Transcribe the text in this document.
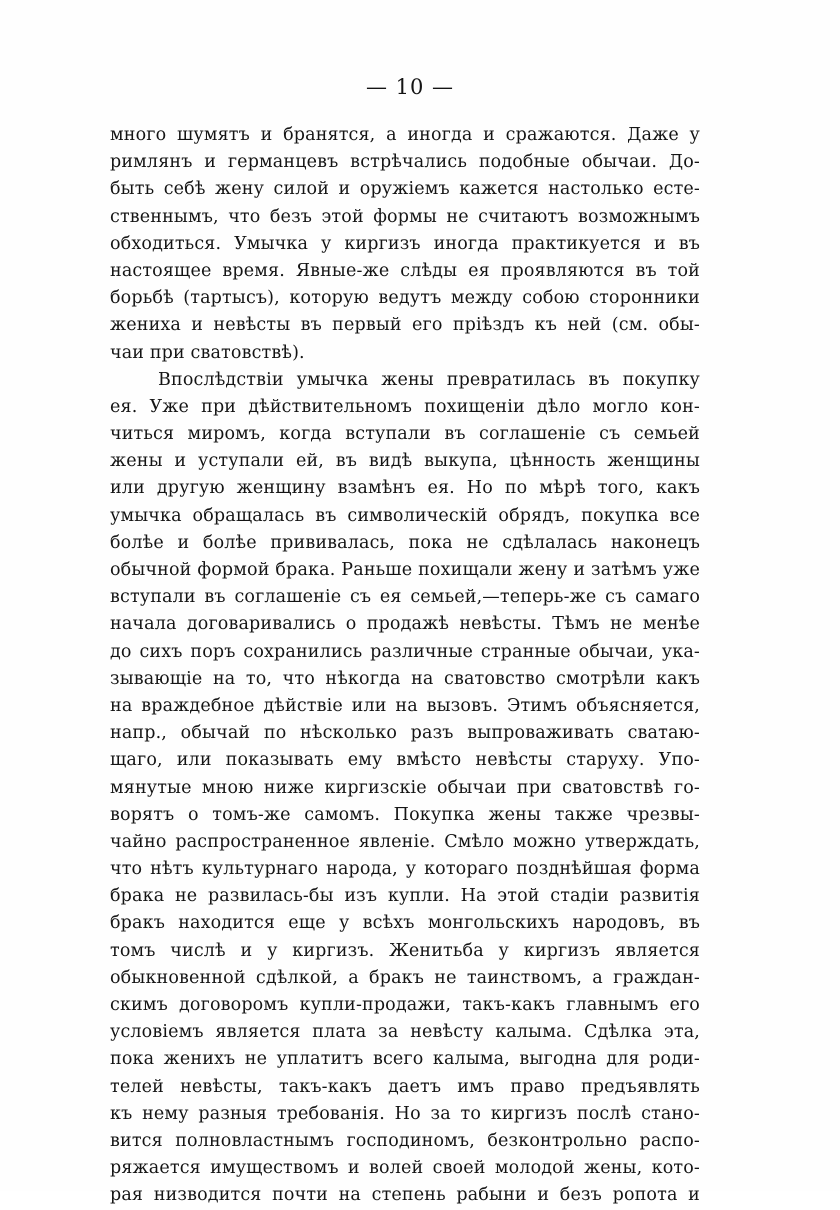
— 10 —
много шумятъ и бранятся, а иногда и сражаются. Даже у
римлянъ и германцевъ встрѣчались подобные обычаи. До-
быть себѣ жену силой и оружіемъ кажется настолько есте-
ственнымъ, что безъ этой формы не считаютъ возможнымъ
обходиться. Умычка у киргизъ иногда практикуется и въ
настоящее время. Явные-же слѣды ея проявляются въ той
борьбѣ (тартысъ), которую ведутъ между собою сторонники
жениха и невѣсты въ первый его пріѣздъ къ ней (см. обы-
чаи при сватовствѣ).
Впослѣдствіи умычка жены превратилась въ покупку
ея. Уже при дѣйствительномъ похищеніи дѣло могло кон-
читься миромъ, когда вступали въ соглашеніе съ семьей
жены и уступали ей, въ видѣ выкупа, цѣнность женщины
или другую женщину взамѣнъ ея. Но по мѣрѣ того, какъ
умычка обращалась въ символическій обрядъ, покупка все
болѣе и болѣе прививалась, пока не сдѣлалась наконецъ
обычной формой брака. Раньше похищали жену и затѣмъ уже
вступали въ соглашеніе съ ея семьей,—теперь-же съ самаго
начала договаривались о продажѣ невѣсты. Тѣмъ не менѣе
до сихъ поръ сохранились различные странные обычаи, ука-
зывающіе на то, что нѣкогда на сватовство смотрѣли какъ
на враждебное дѣйствіе или на вызовъ. Этимъ объясняется,
напр., обычай по нѣсколько разъ выпроваживать сватаю-
щаго, или показывать ему вмѣсто невѣсты старуху. Упо-
мянутые мною ниже киргизскіе обычаи при сватовствѣ го-
ворятъ о томъ-же самомъ. Покупка жены также чрезвы-
чайно распространенное явленіе. Смѣло можно утверждать,
что нѣтъ культурнаго народа, у котораго позднѣйшая форма
брака не развилась-бы изъ купли. На этой стадіи развитія
бракъ находится еще у всѣхъ монгольскихъ народовъ, въ
томъ числѣ и у киргизъ. Женитьба у киргизъ является
обыкновенной сдѣлкой, а бракъ не таинствомъ, а граждан-
скимъ договоромъ купли-продажи, такъ-какъ главнымъ его
условіемъ является плата за невѣсту калыма. Сдѣлка эта,
пока женихъ не уплатитъ всего калыма, выгодна для роди-
телей невѣсты, такъ-какъ даетъ имъ право предъявлять
къ нему разныя требованія. Но за то киргизъ послѣ стано-
вится полновластнымъ господиномъ, безконтрольно распо-
ряжается имуществомъ и волей своей молодой жены, кото-
рая низводится почти на степень рабыни и безъ ропота и
